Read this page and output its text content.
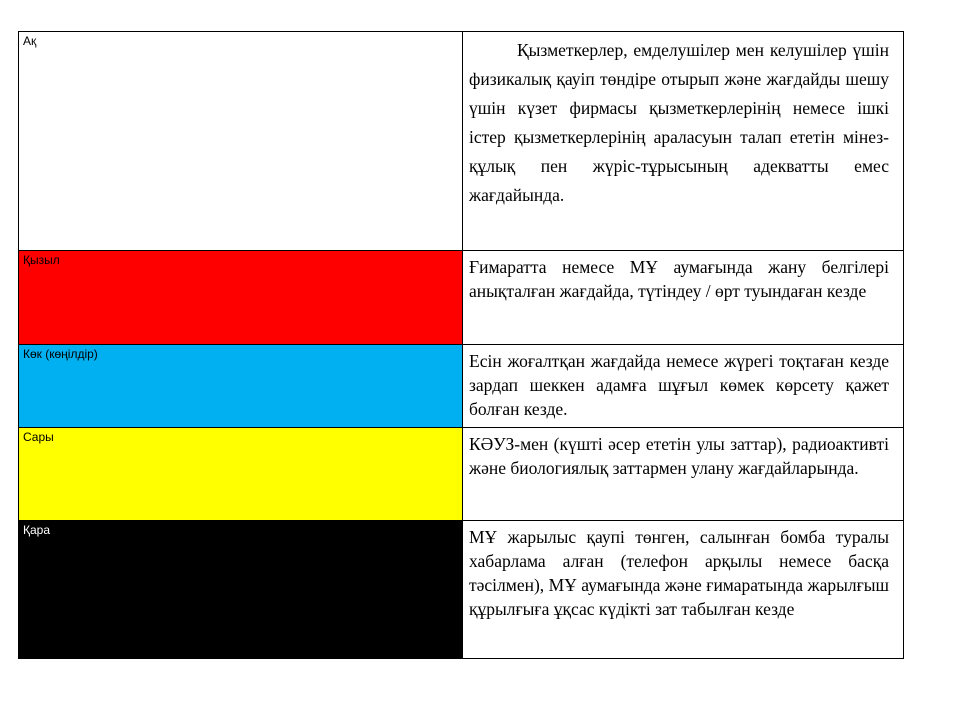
Ақ	Қызметкерлер, емделушілер мен келушілер үшін физикалық қауіп төндіре отырып және жағдайды шешу үшін күзет фирмасы қызметкерлерінің немесе ішкі істер қызметкерлерінің араласуын талап ететін мінез-құлық пен жүріс-тұрысының адекватты емес жағдайында.

Қызыл	Ғимаратта немесе МҰ аумағында жану белгілері анықталған жағдайда, түтіндеу / өрт туындаған кезде

Көк (көңілдір)	Есін жоғалтқан жағдайда немесе жүрегі тоқтаған кезде зардап шеккен адамға шұғыл көмек көрсету қажет болған кезде.

Сары	КӘУЗ-мен (күшті әсер ететін улы заттар), радиоактивті және биологиялық заттармен улану жағдайларында.

Қара	МҰ жарылыс қаупі төнген, салынған бомба туралы хабарлама алған (телефон арқылы немесе басқа тәсілмен), МҰ аумағында және ғимаратында жарылғыш құрылғыға ұқсас күдікті зат табылған кезде
